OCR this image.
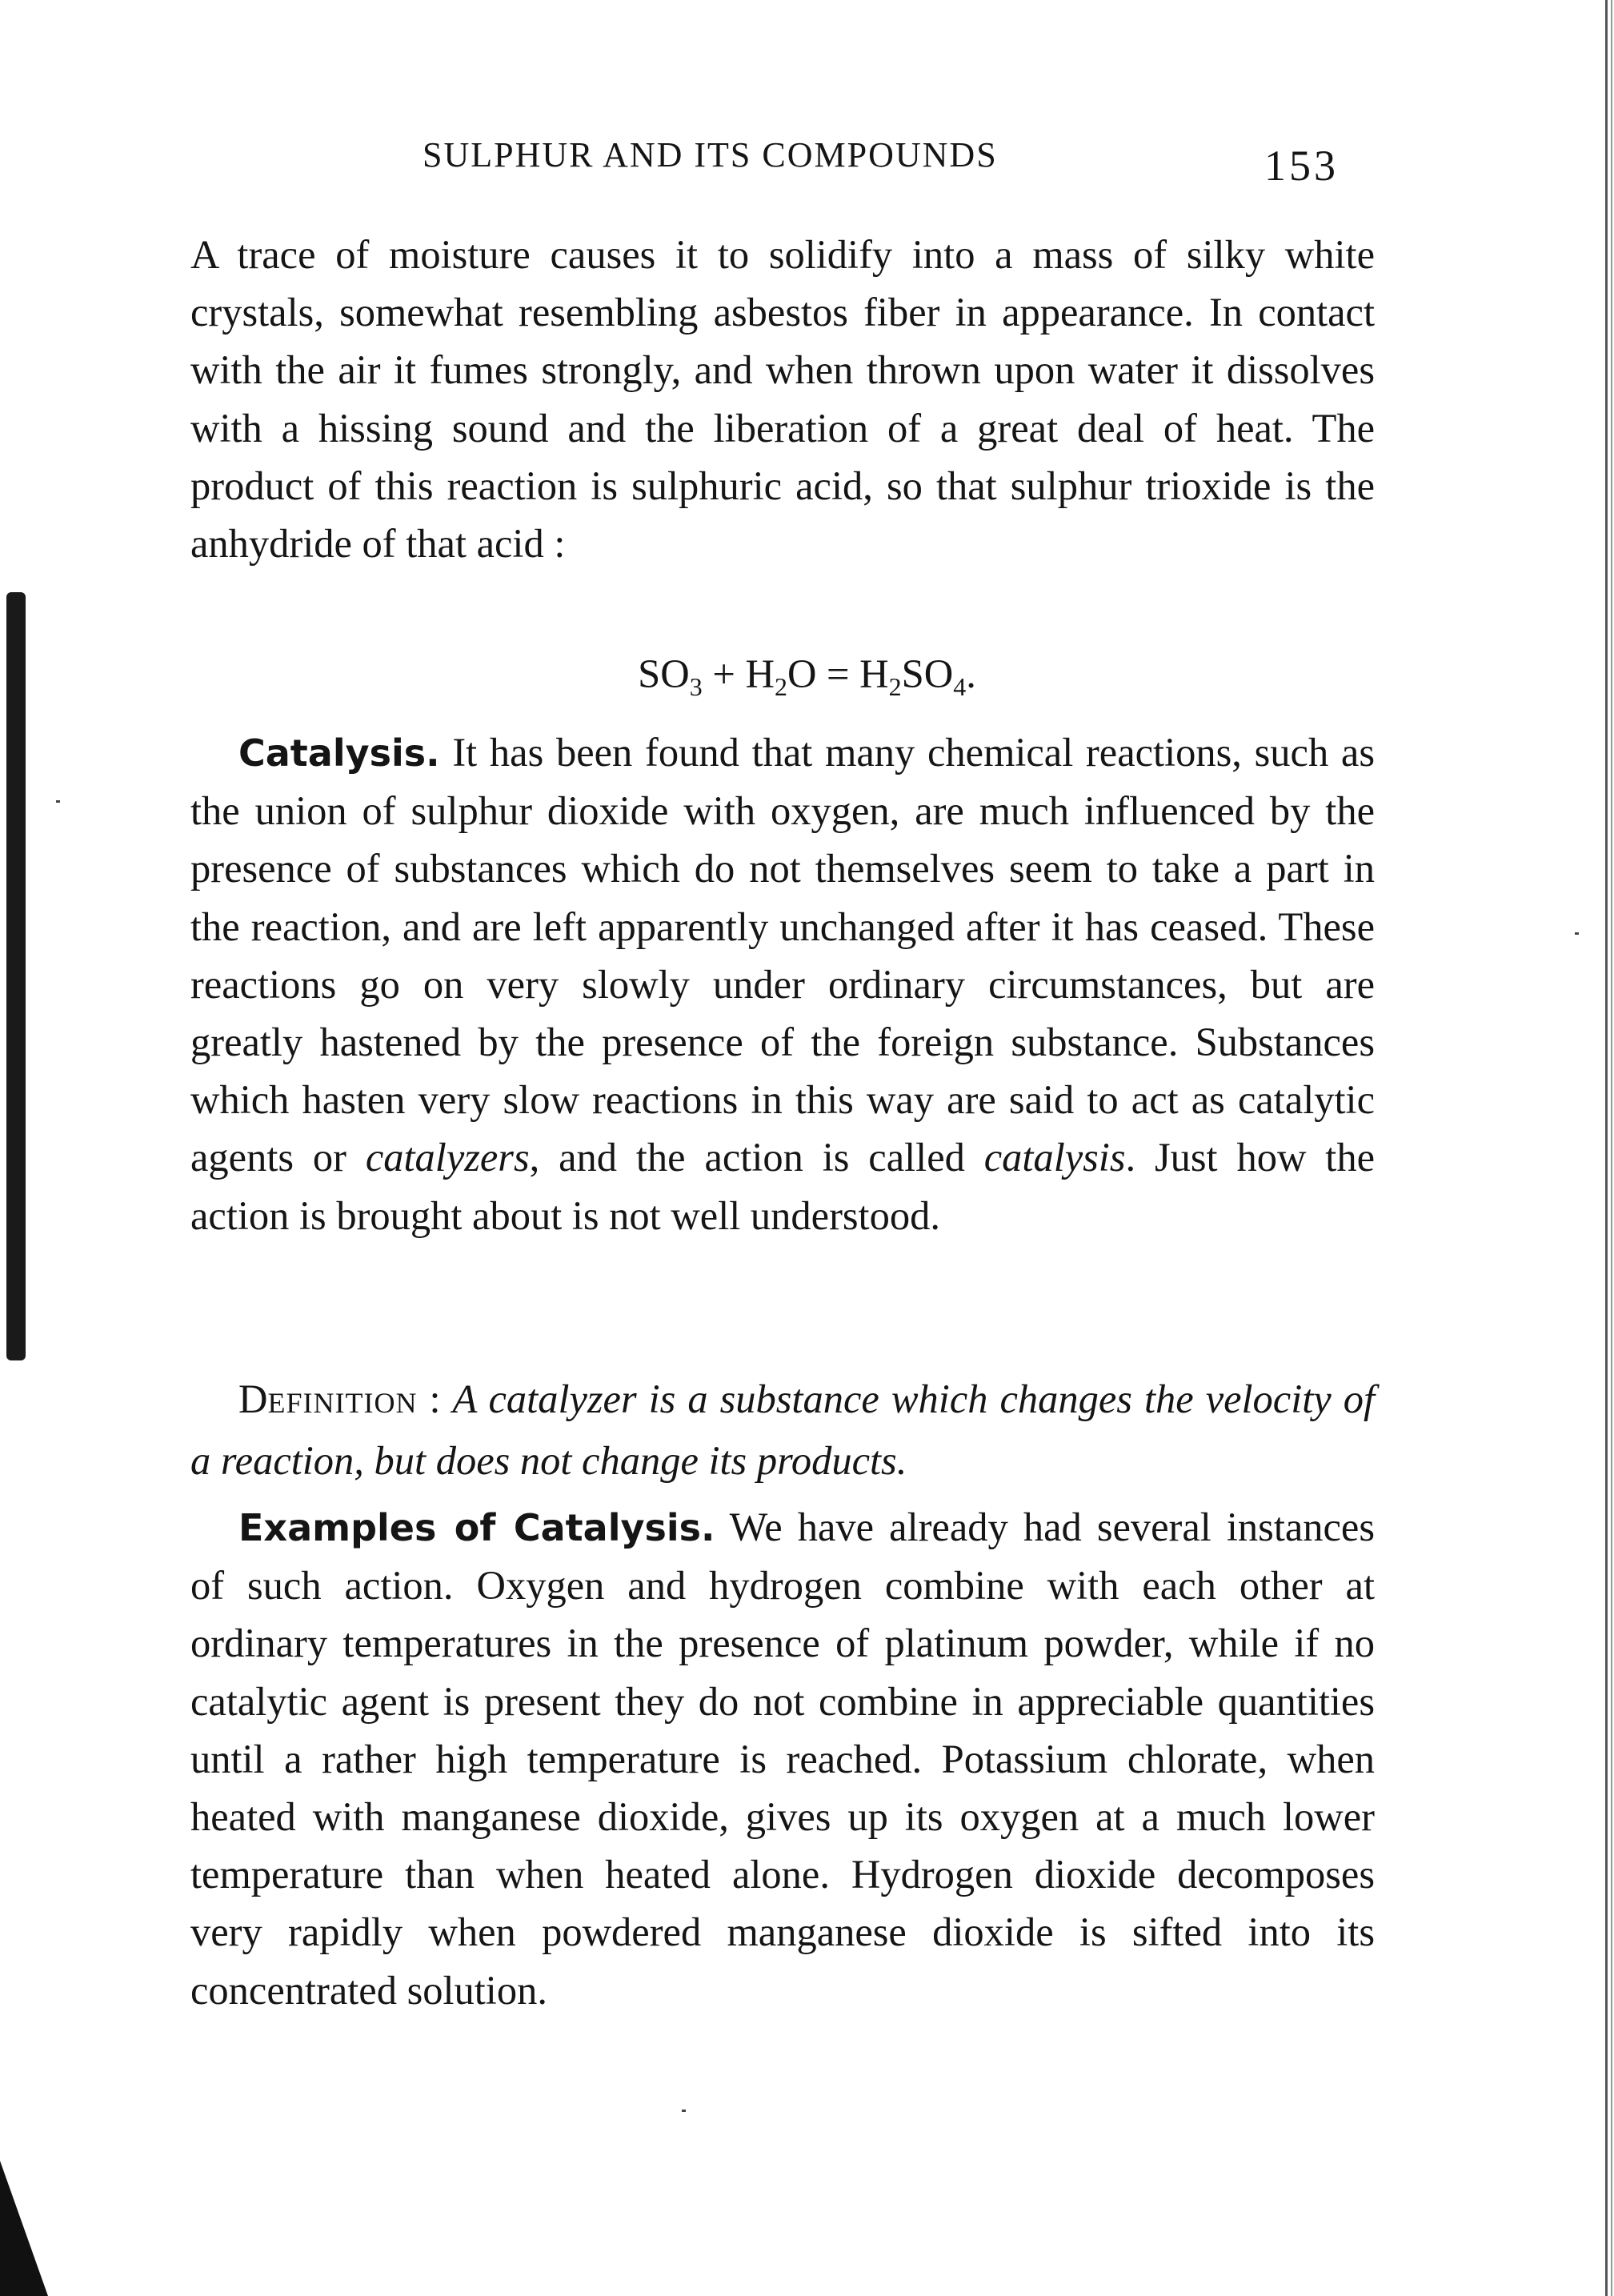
SULPHUR AND ITS COMPOUNDS	153

A trace of moisture causes it to solidify into a mass of silky white crystals, somewhat resembling asbestos fiber in appearance. In contact with the air it fumes strongly, and when thrown upon water it dissolves with a hissing sound and the liberation of a great deal of heat. The product of this reaction is sulphuric acid, so that sulphur trioxide is the anhydride of that acid :

$SO_3 + H_2O = H_2SO_4$.

Catalysis. It has been found that many chemical reactions, such as the union of sulphur dioxide with oxygen, are much influenced by the presence of substances which do not themselves seem to take a part in the reaction, and are left apparently unchanged after it has ceased. These reactions go on very slowly under ordinary circumstances, but are greatly hastened by the presence of the foreign substance. Substances which hasten very slow reactions in this way are said to act as catalytic agents or catalyzers, and the action is called catalysis. Just how the action is brought about is not well understood.

DEFINITION : A catalyzer is a substance which changes the velocity of a reaction, but does not change its products.

Examples of Catalysis. We have already had several instances of such action. Oxygen and hydrogen combine with each other at ordinary temperatures in the presence of platinum powder, while if no catalytic agent is present they do not combine in appreciable quantities until a rather high temperature is reached. Potassium chlorate, when heated with manganese dioxide, gives up its oxygen at a much lower temperature than when heated alone. Hydrogen dioxide decomposes very rapidly when powdered manganese dioxide is sifted into its concentrated solution.
